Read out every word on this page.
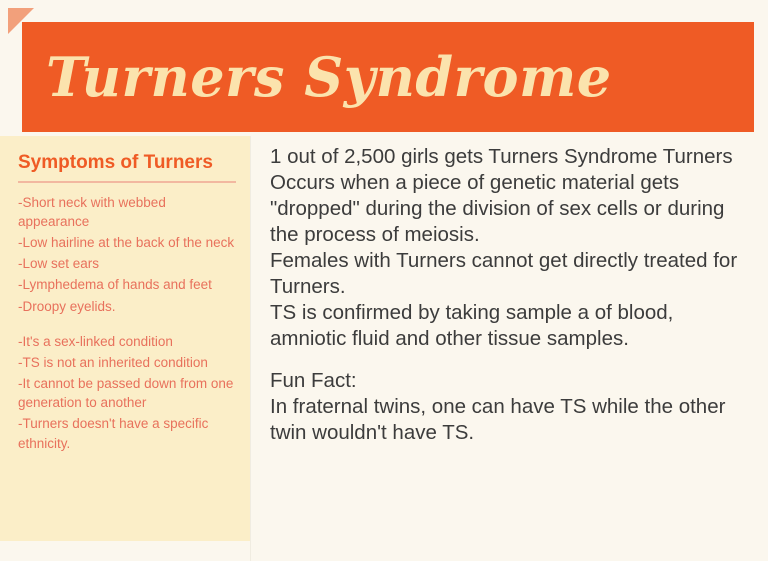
Turners Syndrome
Symptoms of Turners
-Short neck with webbed appearance
-Low hairline at the back of the neck
-Low set ears
-Lymphedema of hands and feet
-Droopy eyelids.
-It's a sex-linked condition
-TS is not an inherited condition
-It cannot be passed down from one generation to another
-Turners doesn't have a specific ethnicity.

1 out of 2,500 girls gets Turners Syndrome Turners Occurs when a piece of genetic material gets "dropped" during the division of sex cells or during the process of meiosis.

Females with Turners cannot get directly treated for Turners.

TS is confirmed by taking sample a of blood, amniotic fluid and other tissue samples.

Fun Fact:

In fraternal twins, one can have TS while the other twin wouldn't have TS.
